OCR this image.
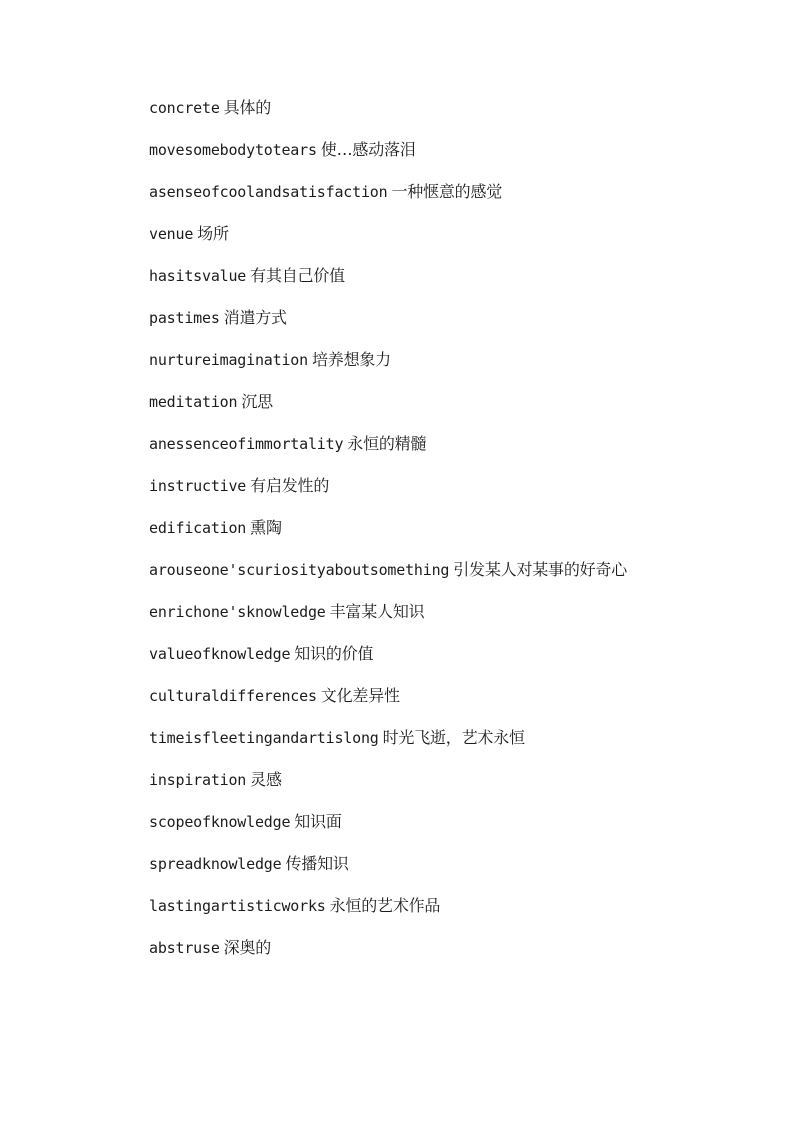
concrete 具体的

movesomebodytotears 使…感动落泪

asenseofcoolandsatisfaction 一种惬意的感觉

venue 场所

hasitsvalue 有其自己价值

pastimes 消遣方式

nurtureimagination 培养想象力

meditation 沉思

anessenceofimmortality 永恒的精髓

instructive 有启发性的

edification 熏陶

arouseone'scuriosityaboutsomething 引发某人对某事的好奇心

enrichone'sknowledge 丰富某人知识

valueofknowledge 知识的价值

culturaldifferences 文化差异性

timeisfleetingandartislong 时光飞逝，艺术永恒

inspiration 灵感

scopeofknowledge 知识面

spreadknowledge 传播知识

lastingartisticworks 永恒的艺术作品

abstruse 深奥的
